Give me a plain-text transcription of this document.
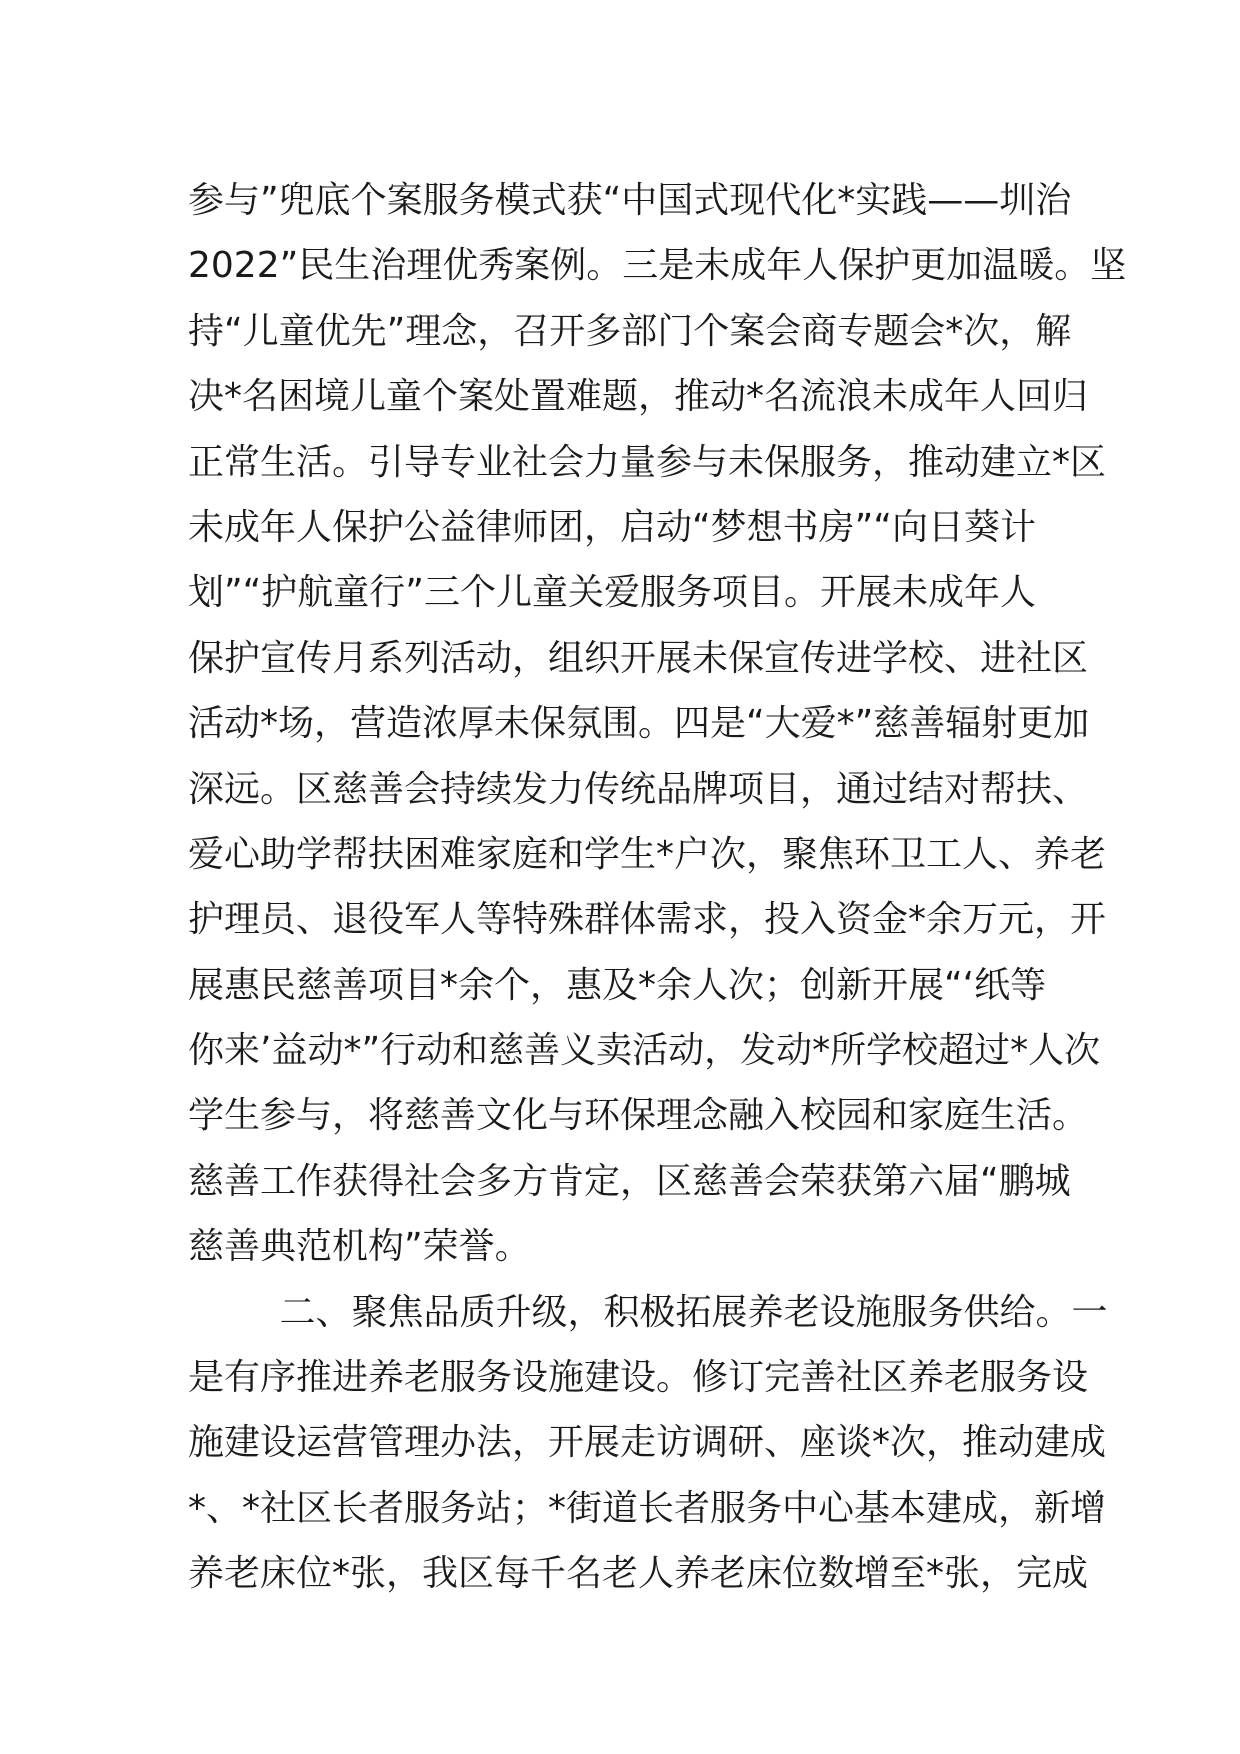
参与”兜底个案服务模式获“中国式现代化*实践——圳治
2022”民生治理优秀案例。三是未成年人保护更加温暖。坚
持“儿童优先”理念，召开多部门个案会商专题会*次，解
决*名困境儿童个案处置难题，推动*名流浪未成年人回归
正常生活。引导专业社会力量参与未保服务，推动建立*区
未成年人保护公益律师团，启动“梦想书房”“向日葵计
划”“护航童行”三个儿童关爱服务项目。开展未成年人
保护宣传月系列活动，组织开展未保宣传进学校、进社区
活动*场，营造浓厚未保氛围。四是“大爱*”慈善辐射更加
深远。区慈善会持续发力传统品牌项目，通过结对帮扶、
爱心助学帮扶困难家庭和学生*户次，聚焦环卫工人、养老
护理员、退役军人等特殊群体需求，投入资金*余万元，开
展惠民慈善项目*余个，惠及*余人次；创新开展“‘纸等
你来’益动*”行动和慈善义卖活动，发动*所学校超过*人次
学生参与，将慈善文化与环保理念融入校园和家庭生活。
慈善工作获得社会多方肯定，区慈善会荣获第六届“鹏城
慈善典范机构”荣誉。
二、聚焦品质升级，积极拓展养老设施服务供给。一
是有序推进养老服务设施建设。修订完善社区养老服务设
施建设运营管理办法，开展走访调研、座谈*次，推动建成
*、*社区长者服务站；*街道长者服务中心基本建成，新增
养老床位*张，我区每千名老人养老床位数增至*张，完成
